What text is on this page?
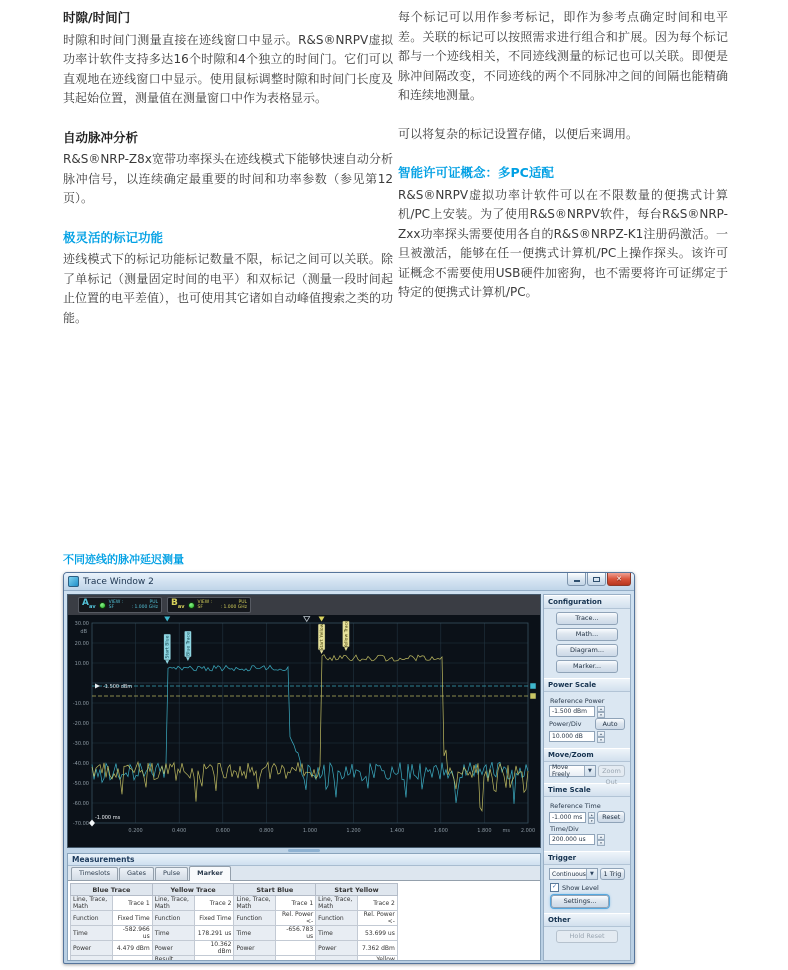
时隙/时间门

时隙和时间门测量直接在迹线窗口中显示。R&S®NRPV虚拟功率计软件支持多达16个时隙和4个独立的时间门。它们可以直观地在迹线窗口中显示。使用鼠标调整时隙和时间门长度及其起始位置，测量值在测量窗口中作为表格显示。

自动脉冲分析

R&S®NRP-Z8x宽带功率探头在迹线模式下能够快速自动分析脉冲信号，以连续确定最重要的时间和功率参数（参见第12页）。

极灵活的标记功能

迹线模式下的标记功能标记数量不限，标记之间可以关联。除了单标记（测量固定时间的电平）和双标记（测量一段时间起止位置的电平差值），也可使用其它诸如自动峰值搜索之类的功能。

每个标记可以用作参考标记，即作为参考点确定时间和电平差。关联的标记可以按照需求进行组合和扩展。因为每个标记都与一个迹线相关，不同迹线测量的标记也可以关联。即便是脉冲间隔改变，不同迹线的两个不同脉冲之间的间隔也能精确和连续地测量。

可以将复杂的标记设置存储，以便后来调用。

智能许可证概念：多PC适配

R&S®NRPV虚拟功率计软件可以在不限数量的便携式计算机/PC上安装。为了使用R&S®NRPV软件，每台R&S®NRP-Zxx功率探头需要使用各自的R&S®NRPZ-K1注册码激活。一旦被激活，能够在任一便携式计算机/PC上操作探头。该许可证概念不需要使用USB硬件加密狗，也不需要将许可证绑定于特定的便携式计算机/PC。

不同迹线的脉冲延迟测量
Trace Window 2	✕
$A_{av}$
VIEW :	PUL
SF	: 1.000 GHz $B_{av}$
VIEW :	PUL
SF	: 1.000 GHz
30.00
20.00
10.00
-10.00
-20.00
-30.00
-40.00
-50.00
-60.00
-70.00
dB
0.200	0.400	0.600	0.800	1.000	1.200	1.400	1.600	1.800	2.000
ms
-1.500 dBm
-1.000 ms
Start Blue	Blue Trace	Start Yellow	Yellow Trace
Measurements
Timeslots	Gates	Pulse	Marker
Blue Trace		Yellow Trace		Start Blue		Start Yellow		
Line, Trace, Math	Trace 1	Line, Trace, Math	Trace 2	Line, Trace, Math	Trace 1	Line, Trace, Math	Trace 2	
Function	Fixed Time	Function	Fixed Time	Function	Rel. Power <-	Function	Rel. Power <-	
Time	-582.966 us	Time	178.291 us	Time	-656.783 us	Time	53.699 us	
Power	4.479 dBm	Power	10.362 dBm	Power		Power	7.362 dBm	
		Result					Yellow	

Configuration
Trace...
Math...
Diagram...
Marker...
Power Scale
Reference Power
-1.500 dBm	▴
▾
Power/Div	Auto
10.000 dB	▴
▾
Move/Zoom
Move Freely	▼	Zoom Out
Time Scale
Reference Time
-1.000 ms	▴
▾	Reset
Time/Div
200.000 us	▴
▾
Trigger
Continuous ▼	1 Trig
✓ Show Level
Settings...
Other
Hold Reset
